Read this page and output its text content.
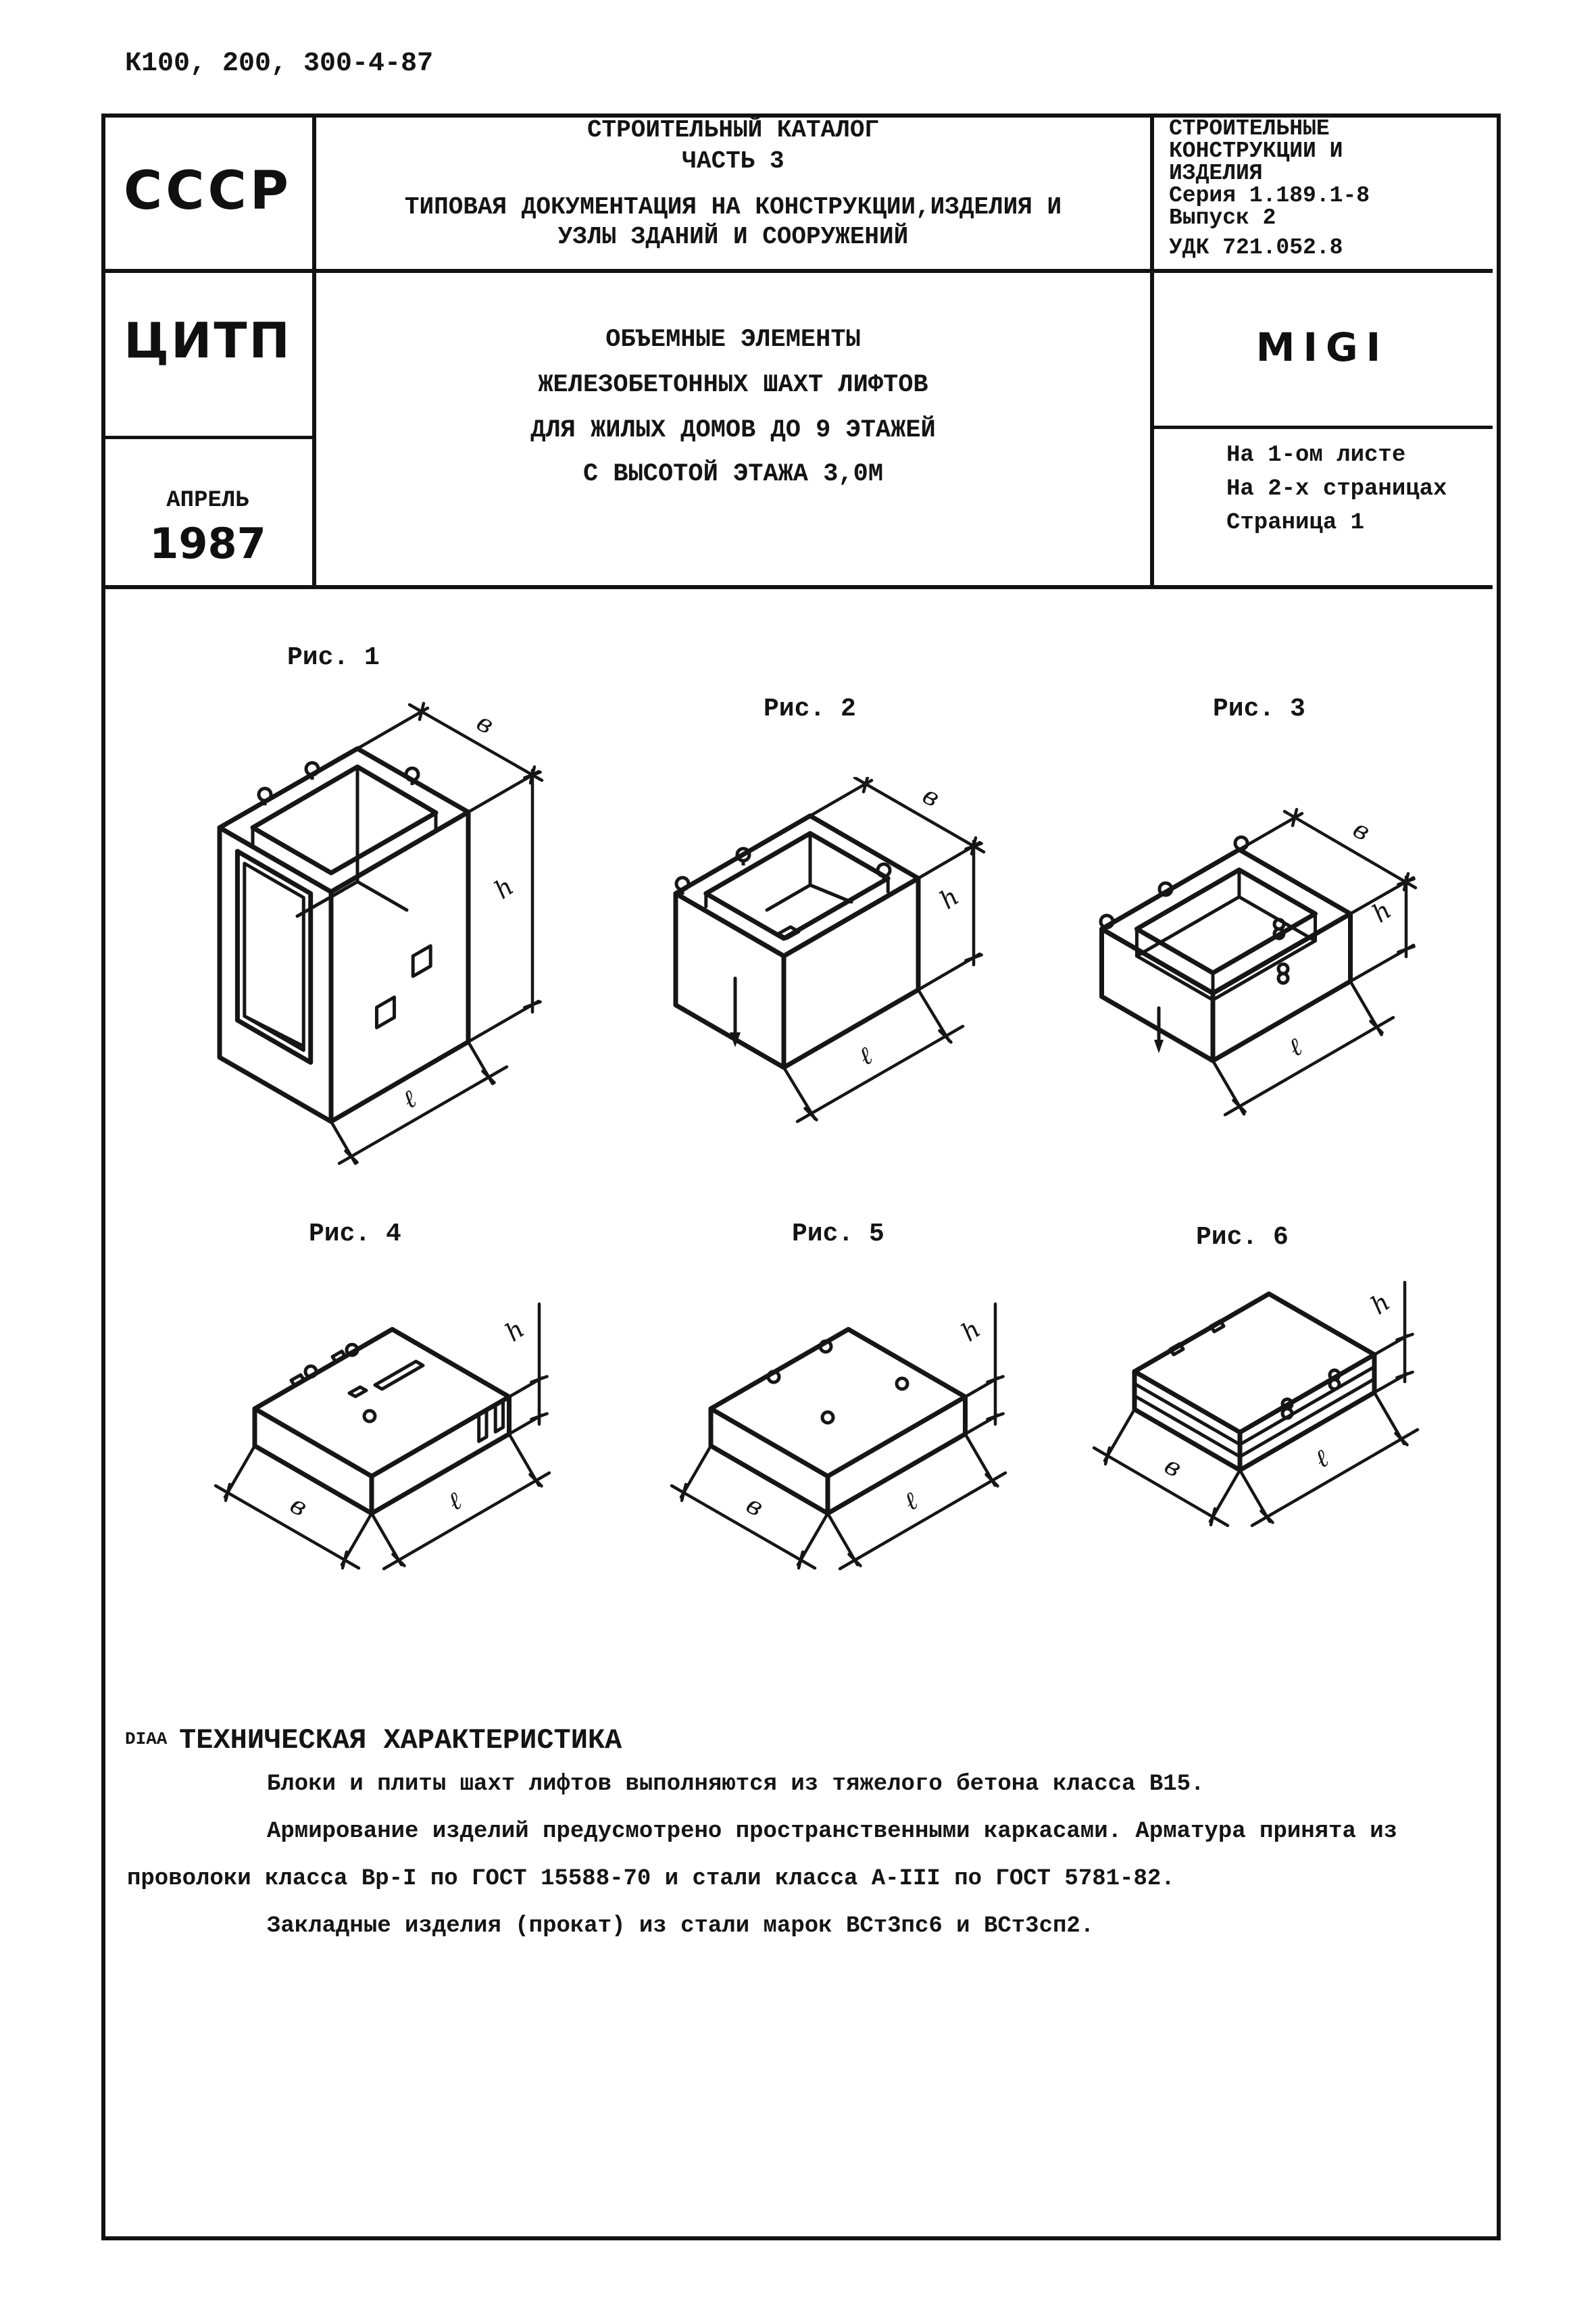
К100, 200, 300-4-87
СССР
ЦИТП
АПРЕЛЬ
1987
СТРОИТЕЛЬНЫЙ КАТАЛОГ
ЧАСТЬ 3
ТИПОВАЯ ДОКУМЕНТАЦИЯ НА КОНСТРУКЦИИ,ИЗДЕЛИЯ И
УЗЛЫ ЗДАНИЙ И СООРУЖЕНИЙ
СТРОИТЕЛЬНЫЕ
КОНСТРУКЦИИ И
ИЗДЕЛИЯ
Серия 1.189.1-8
Выпуск 2
УДК 721.052.8
ОБЪЕМНЫЕ ЭЛЕМЕНТЫ
ЖЕЛЕЗОБЕТОННЫХ ШАХТ ЛИФТОВ
ДЛЯ ЖИЛЫХ ДОМОВ ДО 9 ЭТАЖЕЙ
С ВЫСОТОЙ ЭТАЖА 3,0М
MIGI
На 1-ом листе
На 2-х страницах
Страница 1
Рис. 1
Рис. 2	Рис. 3
Рис. 4	Рис. 5	Рис. 6
в
h
ℓ
в
h
ℓ
в
h
ℓ
в
h
ℓ	в
h
ℓ
в
h
ℓ
DIAA ТЕХНИЧЕСКАЯ ХАРАКТЕРИСТИКА
Блоки и плиты шахт лифтов выполняются из тяжелого бетона класса В15.
Армирование изделий предусмотрено пространственными каркасами. Арматура принята из
проволоки класса Вр-I по ГОСТ 15588-70 и стали класса А-III по ГОСТ 5781-82.
Закладные изделия (прокат) из стали марок ВСт3пс6 и ВСт3сп2.
